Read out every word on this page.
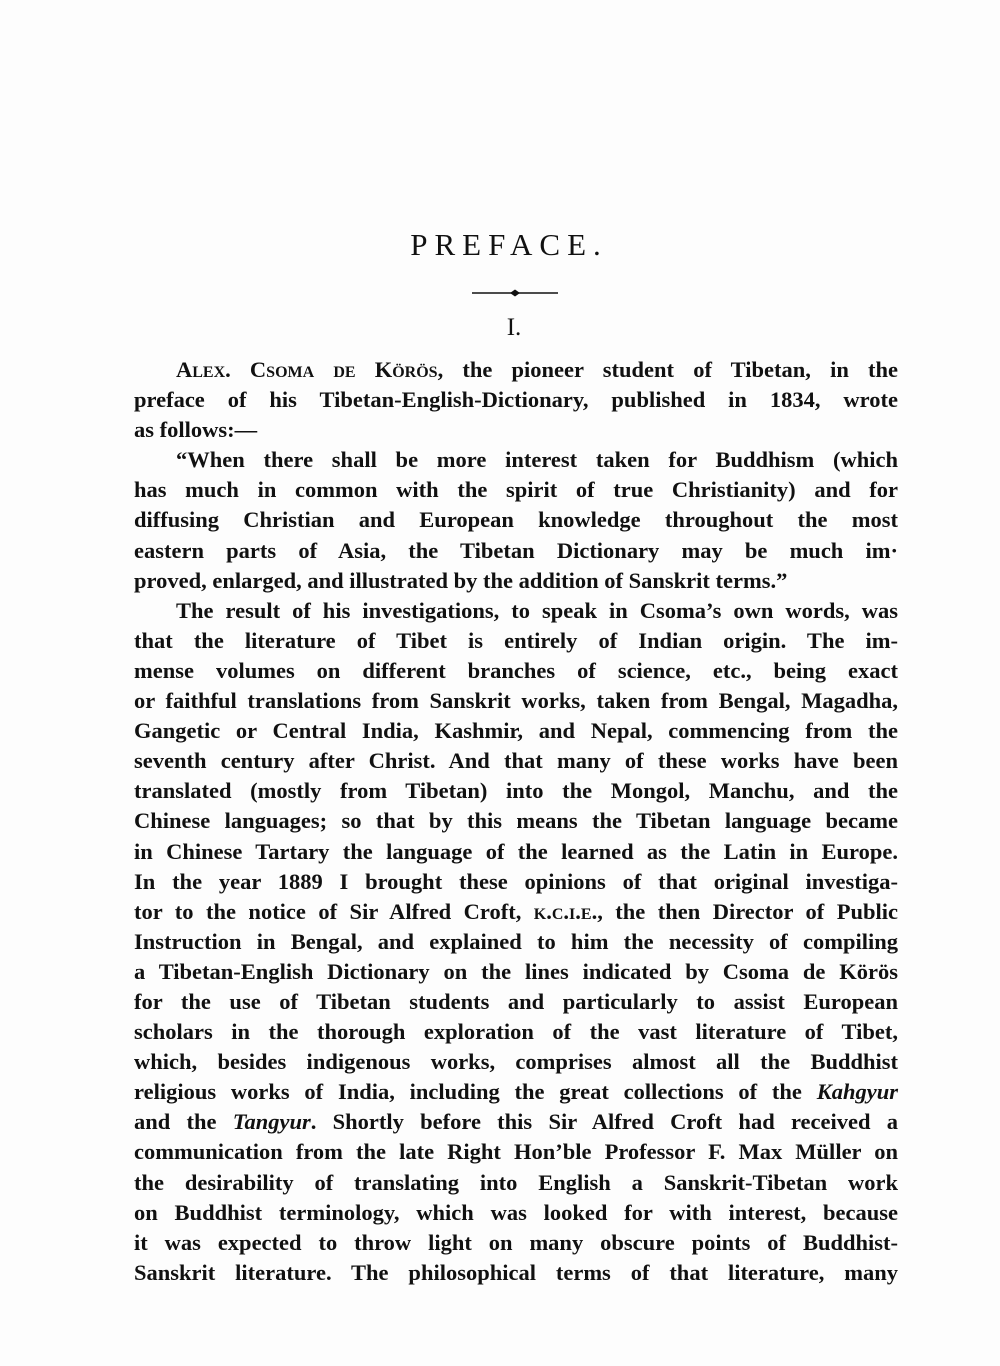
PREFACE.
I.
Alex. Csoma de Körös, the pioneer student of Tibetan, in the
preface of his Tibetan-English-Dictionary, published in 1834, wrote
as follows:—
“When there shall be more interest taken for Buddhism (which
has much in common with the spirit of true Christianity) and for
diffusing Christian and European knowledge throughout the most
eastern parts of Asia, the Tibetan Dictionary may be much im·
proved, enlarged, and illustrated by the addition of Sanskrit terms.”
The result of his investigations, to speak in Csoma’s own words, was
that the literature of Tibet is entirely of Indian origin. The im-
mense volumes on different branches of science, etc., being exact
or faithful translations from Sanskrit works, taken from Bengal, Magadha,
Gangetic or Central India, Kashmir, and Nepal, commencing from the
seventh century after Christ. And that many of these works have been
translated (mostly from Tibetan) into the Mongol, Manchu, and the
Chinese languages; so that by this means the Tibetan language became
in Chinese Tartary the language of the learned as the Latin in Europe.
In the year 1889 I brought these opinions of that original investiga-
tor to the notice of Sir Alfred Croft, k.c.i.e., the then Director of Public
Instruction in Bengal, and explained to him the necessity of compiling
a Tibetan-English Dictionary on the lines indicated by Csoma de Körös
for the use of Tibetan students and particularly to assist European
scholars in the thorough exploration of the vast literature of Tibet,
which, besides indigenous works, comprises almost all the Buddhist
religious works of India, including the great collections of the Kahgyur
and the Tangyur. Shortly before this Sir Alfred Croft had received a
communication from the late Right Hon’ble Professor F. Max Müller on
the desirability of translating into English a Sanskrit-Tibetan work
on Buddhist terminology, which was looked for with interest, because
it was expected to throw light on many obscure points of Buddhist-
Sanskrit literature. The philosophical terms of that literature, many
